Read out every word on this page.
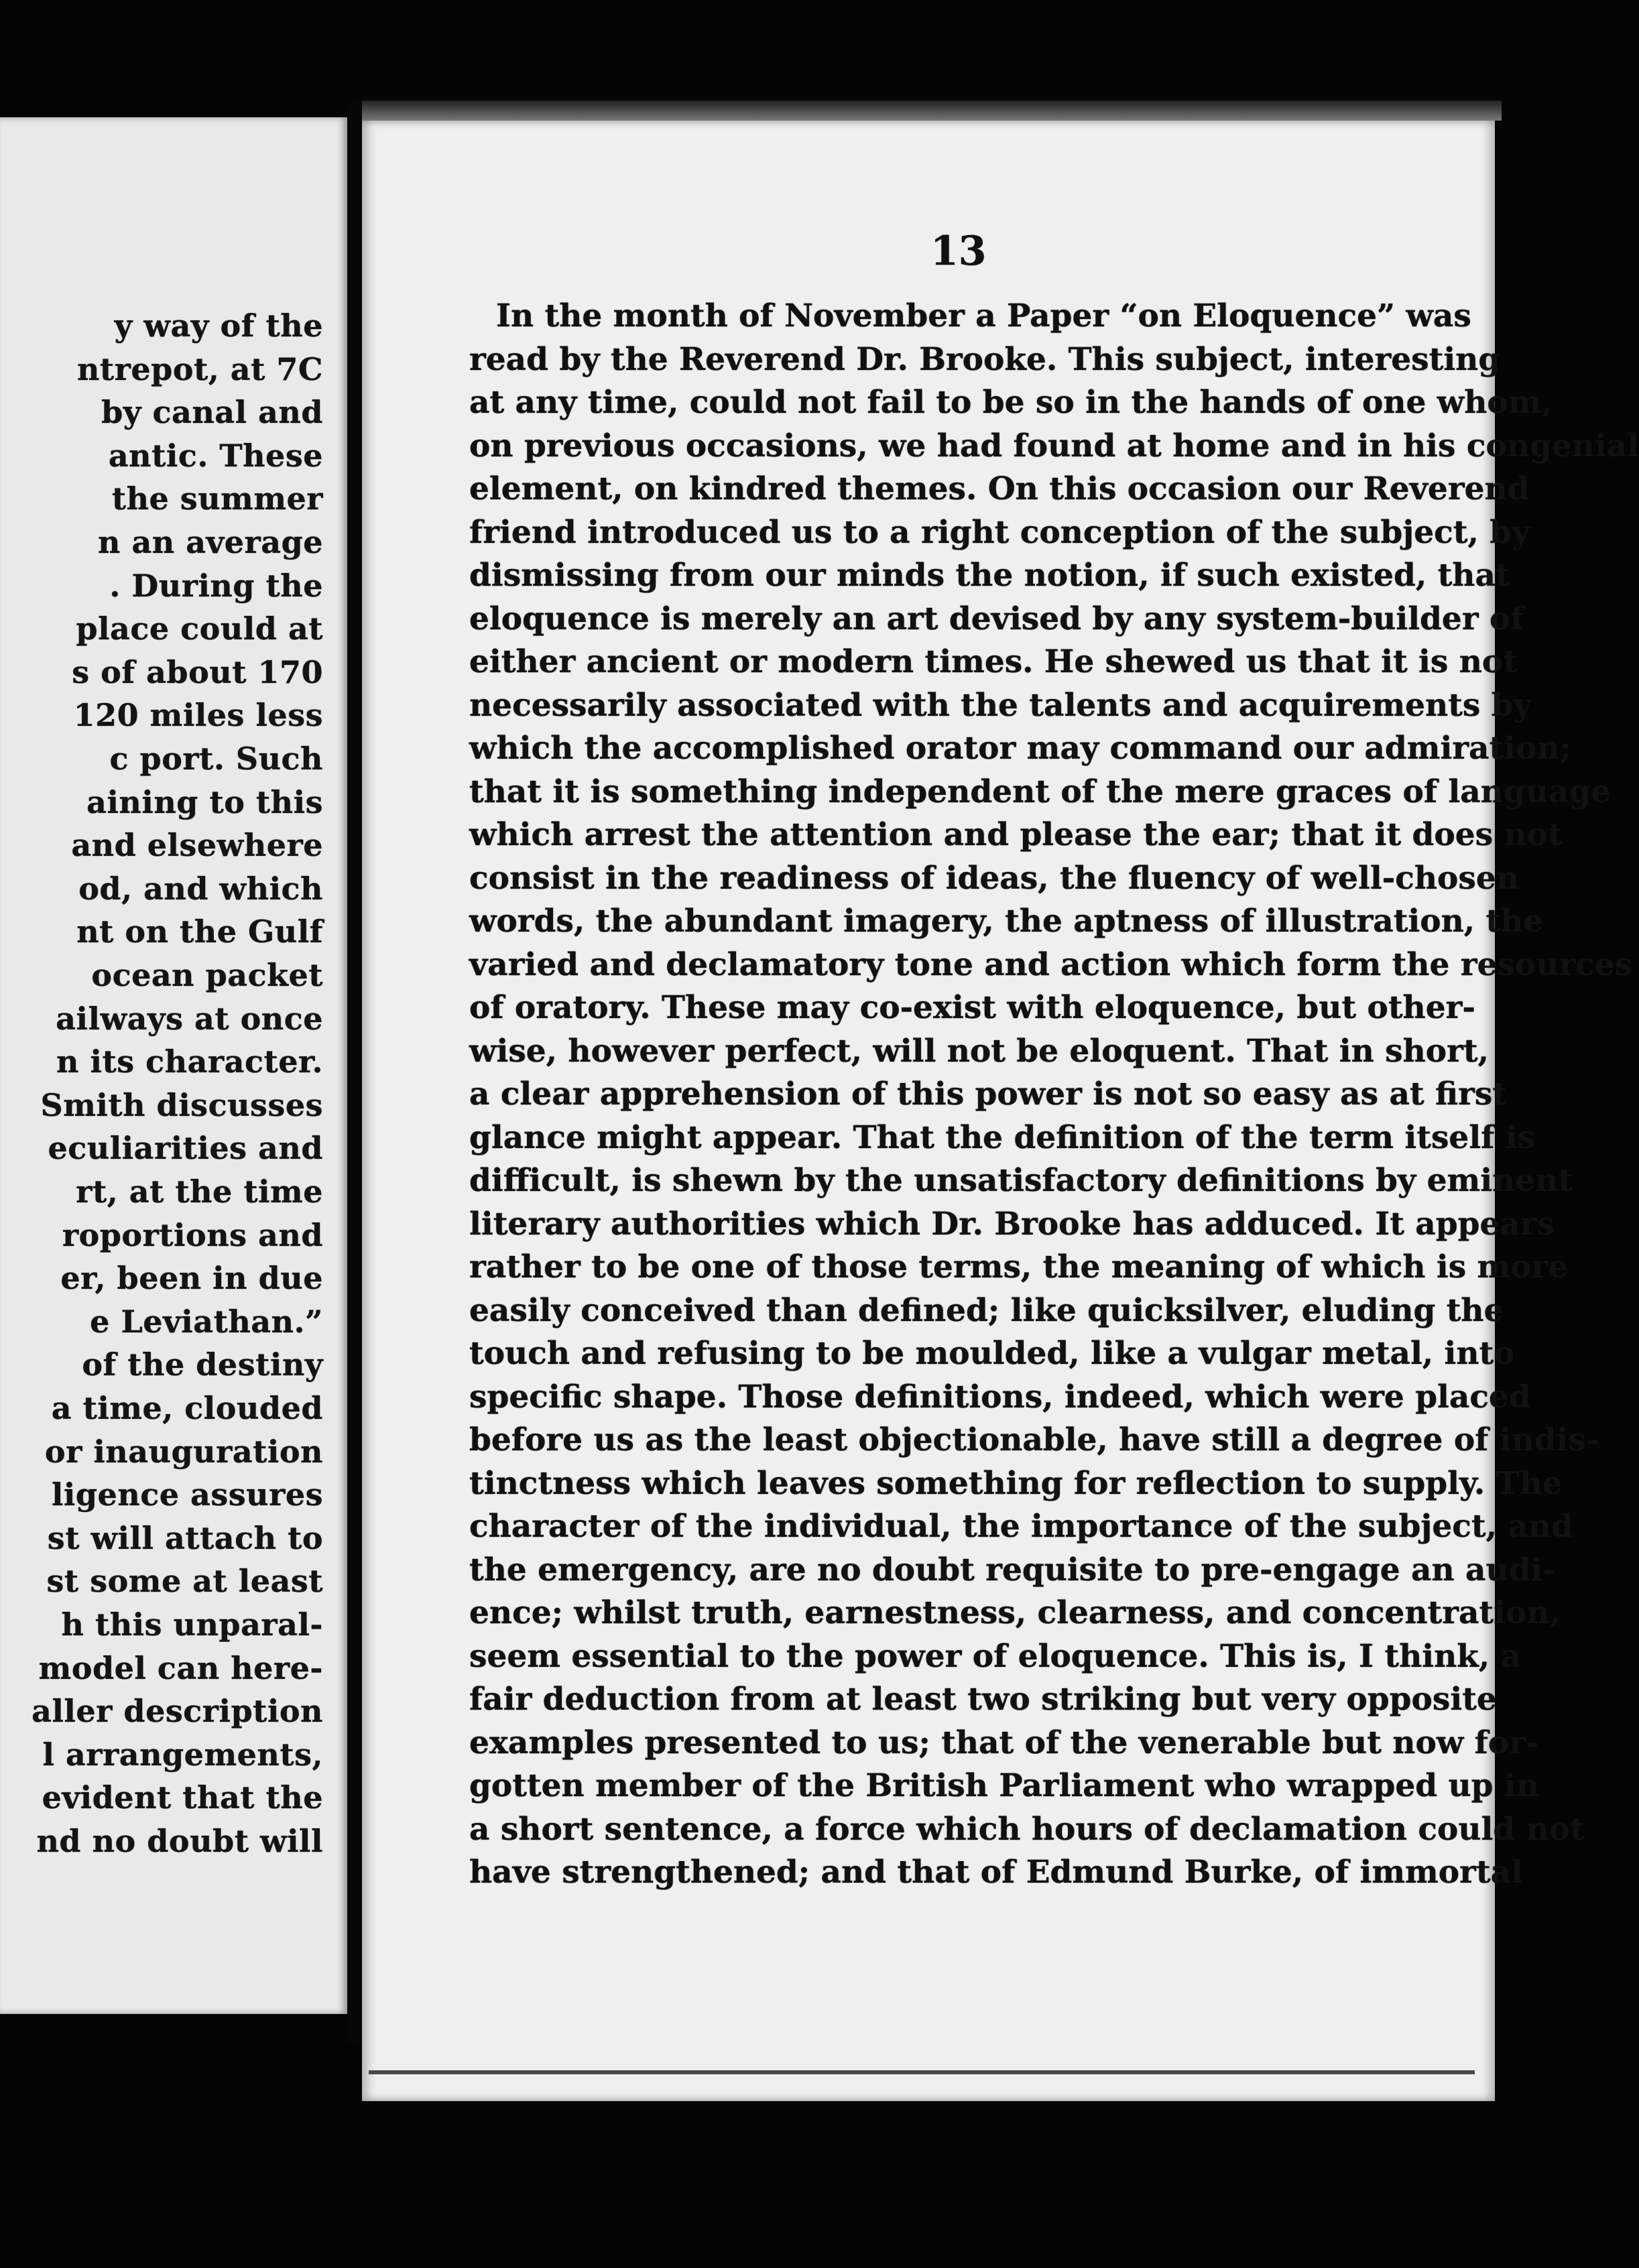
y way of the
ntrepot, at 7C
by canal and
antic. These
the summer
n an average
. During the
place could at
s of about 170
120 miles less
c port. Such
aining to this
and elsewhere
od, and which
nt on the Gulf
ocean packet
ailways at once
n its character.
Smith discusses
eculiarities and
rt, at the time
roportions and
er, been in due
e Leviathan.”
of the destiny
a time, clouded
or inauguration
ligence assures
st will attach to
st some at least
h this unparal-
model can here-
aller description
l arrangements,
evident that the
nd no doubt will
13
In the month of November a Paper “on Eloquence” was
read by the Reverend Dr. Brooke. This subject, interesting
at any time, could not fail to be so in the hands of one whom,
on previous occasions, we had found at home and in his congenial
element, on kindred themes. On this occasion our Reverend
friend introduced us to a right conception of the subject, by
dismissing from our minds the notion, if such existed, that
eloquence is merely an art devised by any system-builder of
either ancient or modern times. He shewed us that it is not
necessarily associated with the talents and acquirements by
which the accomplished orator may command our admiration;
that it is something independent of the mere graces of language
which arrest the attention and please the ear; that it does not
consist in the readiness of ideas, the fluency of well-chosen
words, the abundant imagery, the aptness of illustration, the
varied and declamatory tone and action which form the resources
of oratory. These may co-exist with eloquence, but other-
wise, however perfect, will not be eloquent. That in short,
a clear apprehension of this power is not so easy as at first
glance might appear. That the definition of the term itself is
difficult, is shewn by the unsatisfactory definitions by eminent
literary authorities which Dr. Brooke has adduced. It appears
rather to be one of those terms, the meaning of which is more
easily conceived than defined; like quicksilver, eluding the
touch and refusing to be moulded, like a vulgar metal, into
specific shape. Those definitions, indeed, which were placed
before us as the least objectionable, have still a degree of indis-
tinctness which leaves something for reflection to supply. The
character of the individual, the importance of the subject, and
the emergency, are no doubt requisite to pre-engage an audi-
ence; whilst truth, earnestness, clearness, and concentration,
seem essential to the power of eloquence. This is, I think, a
fair deduction from at least two striking but very opposite
examples presented to us; that of the venerable but now for-
gotten member of the British Parliament who wrapped up in
a short sentence, a force which hours of declamation could not
have strengthened; and that of Edmund Burke, of immortal
